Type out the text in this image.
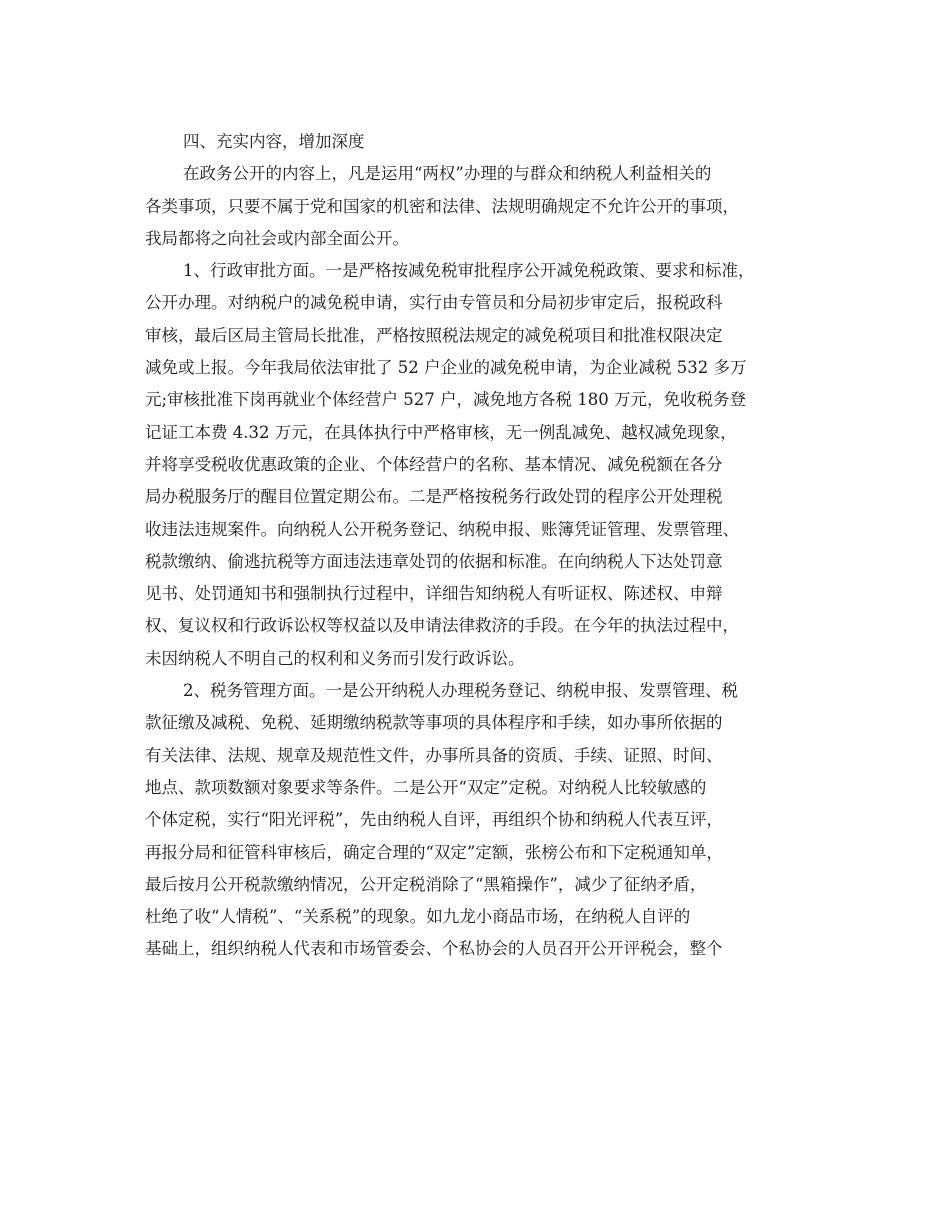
四、充实内容，增加深度
在政务公开的内容上，凡是运用“两权”办理的与群众和纳税人利益相关的
各类事项，只要不属于党和国家的机密和法律、法规明确规定不允许公开的事项，
我局都将之向社会或内部全面公开。
1、行政审批方面。一是严格按减免税审批程序公开减免税政策、要求和标准，
公开办理。对纳税户的减免税申请，实行由专管员和分局初步审定后，报税政科
审核，最后区局主管局长批准，严格按照税法规定的减免税项目和批准权限决定
减免或上报。今年我局依法审批了 52 户企业的减免税申请，为企业减税 532 多万
元;审核批准下岗再就业个体经营户 527 户，减免地方各税 180 万元，免收税务登
记证工本费 4.32 万元，在具体执行中严格审核，无一例乱减免、越权减免现象，
并将享受税收优惠政策的企业、个体经营户的名称、基本情况、减免税额在各分
局办税服务厅的醒目位置定期公布。二是严格按税务行政处罚的程序公开处理税
收违法违规案件。向纳税人公开税务登记、纳税申报、账簿凭证管理、发票管理、
税款缴纳、偷逃抗税等方面违法违章处罚的依据和标准。在向纳税人下达处罚意
见书、处罚通知书和强制执行过程中，详细告知纳税人有听证权、陈述权、申辩
权、复议权和行政诉讼权等权益以及申请法律救济的手段。在今年的执法过程中，
未因纳税人不明自己的权利和义务而引发行政诉讼。
2、税务管理方面。一是公开纳税人办理税务登记、纳税申报、发票管理、税
款征缴及减税、免税、延期缴纳税款等事项的具体程序和手续，如办事所依据的
有关法律、法规、规章及规范性文件，办事所具备的资质、手续、证照、时间、
地点、款项数额对象要求等条件。二是公开“双定”定税。对纳税人比较敏感的
个体定税，实行“阳光评税”，先由纳税人自评，再组织个协和纳税人代表互评，
再报分局和征管科审核后，确定合理的“双定”定额，张榜公布和下定税通知单，
最后按月公开税款缴纳情况，公开定税消除了“黑箱操作”，减少了征纳矛盾，
杜绝了收“人情税”、“关系税”的现象。如九龙小商品市场，在纳税人自评的
基础上，组织纳税人代表和市场管委会、个私协会的人员召开公开评税会，整个
